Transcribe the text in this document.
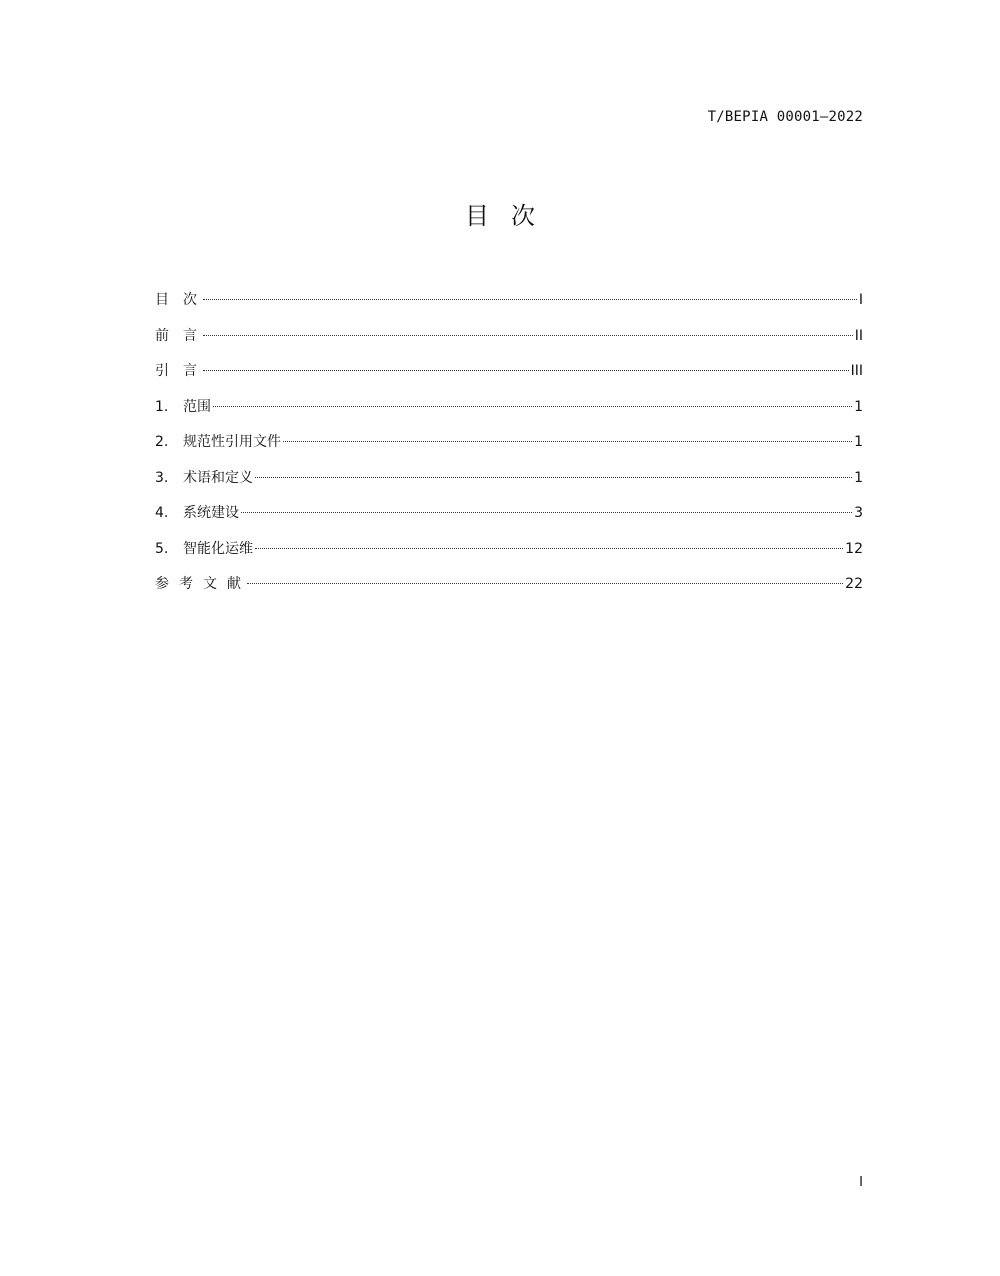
T/BEPIA 00001—2022
目次
目次	I
前言	II
引言	III
1.	范围	1
2.	规范性引用文件	1
3.	术语和定义	1
4.	系统建设	3
5.	智能化运维	12
参考文献	22
I
